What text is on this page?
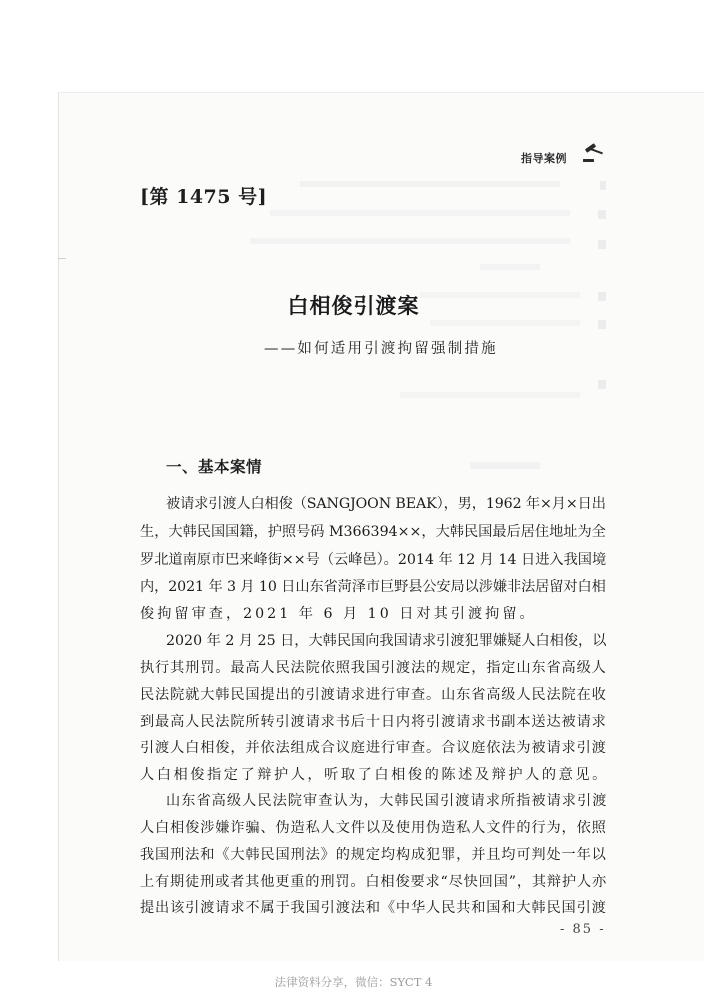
指导案例
[第 1475 号]
白相俊引渡案
——如何适用引渡拘留强制措施
一、基本案情
被请求引渡人白相俊（SANGJOON BEAK），男，1962 年×月×日出
生，大韩民国国籍，护照号码 M366394××，大韩民国最后居住地址为全
罗北道南原市巴来峰街××号（云峰邑）。2014 年 12 月 14 日进入我国境
内，2021 年 3 月 10 日山东省菏泽市巨野县公安局以涉嫌非法居留对白相
俊拘留审查，2021 年 6 月 10 日对其引渡拘留。
2020 年 2 月 25 日，大韩民国向我国请求引渡犯罪嫌疑人白相俊，以
执行其刑罚。最高人民法院依照我国引渡法的规定，指定山东省高级人
民法院就大韩民国提出的引渡请求进行审查。山东省高级人民法院在收
到最高人民法院所转引渡请求书后十日内将引渡请求书副本送达被请求
引渡人白相俊，并依法组成合议庭进行审查。合议庭依法为被请求引渡
人白相俊指定了辩护人，听取了白相俊的陈述及辩护人的意见。
山东省高级人民法院审查认为，大韩民国引渡请求所指被请求引渡
人白相俊涉嫌诈骗、伪造私人文件以及使用伪造私人文件的行为，依照
我国刑法和《大韩民国刑法》的规定均构成犯罪，并且均可判处一年以
上有期徒刑或者其他更重的刑罚。白相俊要求“尽快回国”，其辩护人亦
提出该引渡请求不属于我国引渡法和《中华人民共和国和大韩民国引渡
- 85 -
法律资料分享，微信：SYCT 4
